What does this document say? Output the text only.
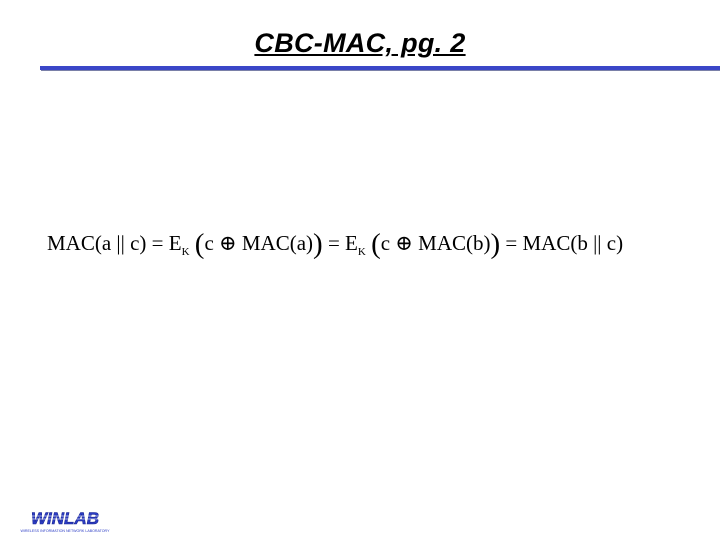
CBC-MAC, pg. 2
MAC(a || $c) = E_K$ (c ⊕ $MAC(a)) = E_K$ (c ⊕ MAC(b)) = MAC(b || c)
WINLAB
WIRELESS INFORMATION NETWORK LABORATORY
